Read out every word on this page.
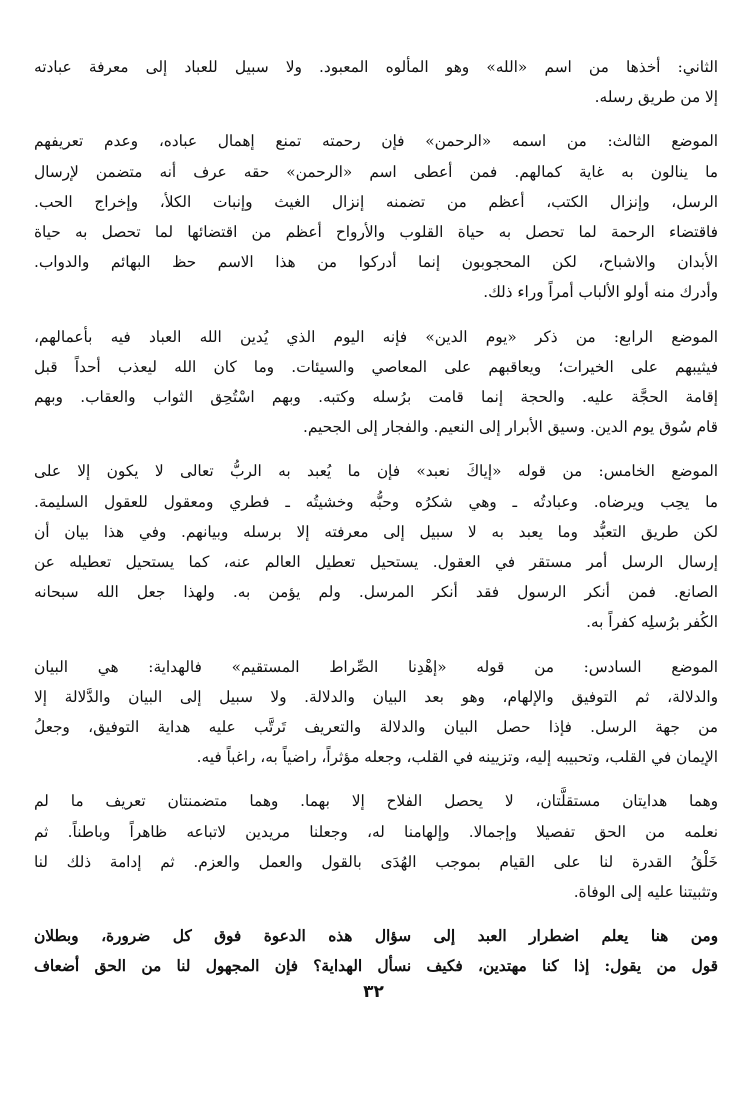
الثاني: أخذها من اسم «الله» وهو المألوه المعبود. ولا سبيل للعباد إلى معرفة عبادته
إلا من طريق رسله.

الموضع الثالث: من اسمه «الرحمن» فإن رحمته تمنع إهمال عباده، وعدم تعريفهم
ما ينالون به غاية كمالهم. فمن أعطى اسم «الرحمن» حقه عرف أنه متضمن لإرسال
الرسل، وإنزال الكتب، أعظم من تضمنه إنزال الغيث وإنبات الكلأ، وإخراج الحب.
فاقتضاء الرحمة لما تحصل به حياة القلوب والأرواح أعظم من اقتضائها لما تحصل به حياة
الأبدان والاشباح، لكن المحجوبون إنما أدركوا من هذا الاسم حظ البهائم والدواب.
وأدرك منه أولو الألباب أمراً وراء ذلك.

الموضع الرابع: من ذكر «يوم الدين» فإنه اليوم الذي يُدين الله العباد فيه بأعمالهم،
فيثيبهم على الخيرات؛ ويعاقبهم على المعاصي والسيئات. وما كان الله ليعذب أحداً قبل
إقامة الحجَّة عليه. والحجة إنما قامت برُسله وكتبه. وبهم اسْتُحِق الثواب والعقاب. وبهم
قام سُوق يوم الدين. وسيق الأبرار إلى النعيم. والفجار إلى الجحيم.

الموضع الخامس: من قوله «إياكَ نعبد» فإن ما يُعبد به الربُّ تعالى لا يكون إلا على
ما يحِب ويرضاه. وعبادتُه ـ وهي شكرُه وحبُّه وخشيتُه ـ فطري ومعقول للعقول السليمة.
لكن طريق التعبُّد وما يعبد به لا سبيل إلى معرفته إلا برسله وبيانهم. وفي هذا بيان أن
إرسال الرسل أمر مستقر في العقول. يستحيل تعطيل العالم عنه، كما يستحيل تعطيله عن
الصانع. فمن أنكر الرسول فقد أنكر المرسل. ولم يؤمن به. ولهذا جعل الله سبحانه
الكُفر برُسلِه كفراً به.

الموضع السادس: من قوله «إهْدِنا الصِّراط المستقيم» فالهداية: هي البيان
والدلالة، ثم التوفيق والإلهام، وهو بعد البيان والدلالة. ولا سبيل إلى البيان والدَّلالة إلا
من جهة الرسل. فإذا حصل البيان والدلالة والتعريف تَرتَّب عليه هداية التوفيق، وجعلُ
الإيمان في القلب، وتحبيبه إليه، وتزيينه في القلب، وجعله مؤثراً، راضياً به، راغباً فيه.

وهما هدايتان مستقلَّتان، لا يحصل الفلاح إلا بهما. وهما متضمنتان تعريف ما لم
نعلمه من الحق تفصيلا وإجمالا. وإلهامنا له، وجعلنا مريدين لاتباعه ظاهراً وباطناً. ثم
خَلْقُ القدرة لنا على القيام بموجب الهُدَى بالقول والعمل والعزم. ثم إدامة ذلك لنا
وتثبيتنا عليه إلى الوفاة.

ومن هنا يعلم اضطرار العبد إلى سؤال هذه الدعوة فوق كل ضرورة، وبطلان
قول من يقول: إذا كنا مهتدين، فكيف نسأل الهداية؟ فإن المجهول لنا من الحق أضعاف

٣٢
